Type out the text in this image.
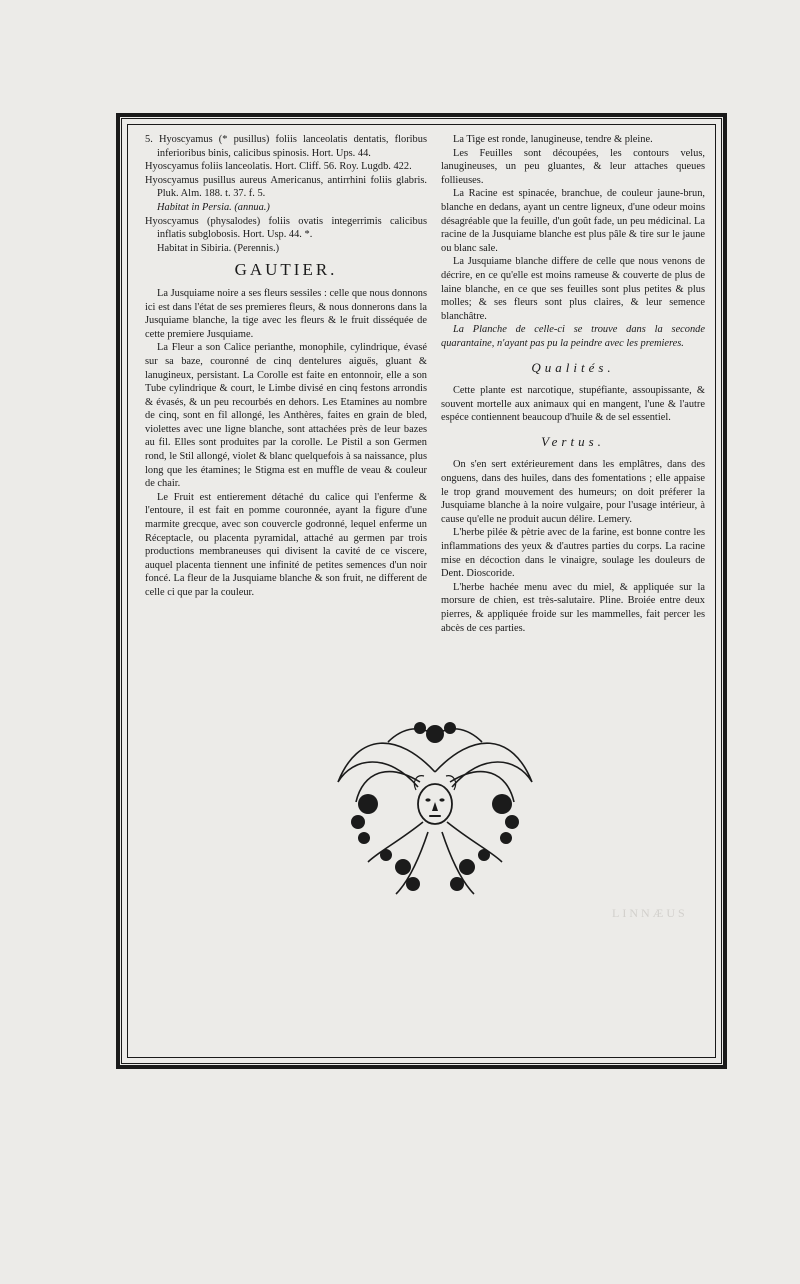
5. Hyoscyamus (* pusillus) foliis lanceolatis dentatis, floribus inferioribus binis, calicibus spinosis. Hort. Ups. 44.

Hyoscyamus foliis lanceolatis. Hort. Cliff. 56. Roy. Lugdb. 422.

Hyoscyamus pusillus aureus Americanus, antirrhini foliis glabris. Pluk. Alm. 188. t. 37. f. 5.

Habitat in Persia. (annua.)

Hyoscyamus (physalodes) foliis ovatis integerrimis calicibus inflatis subglobosis. Hort. Usp. 44. *.

Habitat in Sibiria. (Perennis.)

GAUTIER.

La Jusquiame noire a ses fleurs sessiles : celle que nous donnons ici est dans l'état de ses premieres fleurs, & nous donnerons dans la Jusquiame blanche, la tige avec les fleurs & le fruit disséquée de cette premiere Jusquiame.

La Fleur a son Calice perianthe, monophile, cylindrique, évasé sur sa baze, couronné de cinq dentelures aiguës, gluant & lanugineux, persistant. La Corolle est faite en entonnoir, elle a son Tube cylindrique & court, le Limbe divisé en cinq festons arrondis & évasés, & un peu recourbés en dehors. Les Etamines au nombre de cinq, sont en fil allongé, les Anthères, faites en grain de bled, violettes avec une ligne blanche, sont attachées près de leur bazes au fil. Elles sont produites par la corolle. Le Pistil a son Germen rond, le Stil allongé, violet & blanc quelquefois à sa naissance, plus long que les étamines; le Stigma est en muffle de veau & couleur de chair.

Le Fruit est entierement détaché du calice qui l'enferme & l'entoure, il est fait en pomme couronnée, ayant la figure d'une marmite grecque, avec son couvercle godronné, lequel enferme un Réceptacle, ou placenta pyramidal, attaché au germen par trois productions membraneuses qui divisent la cavité de ce viscere, auquel placenta tiennent une infinité de petites semences d'un noir foncé. La fleur de la Jusquiame blanche & son fruit, ne different de celle ci que par la couleur.

La Tige est ronde, lanugineuse, tendre & pleine.

Les Feuilles sont découpées, les contours velus, lanugineuses, un peu gluantes, & leur attaches queues follieuses.

La Racine est spinacée, branchue, de couleur jaune-brun, blanche en dedans, ayant un centre ligneux, d'une odeur moins désagréable que la feuille, d'un goût fade, un peu médicinal. La racine de la Jusquiame blanche est plus pâle & tire sur le jaune ou blanc sale.

La Jusquiame blanche differe de celle que nous venons de décrire, en ce qu'elle est moins rameuse & couverte de plus de laine blanche, en ce que ses feuilles sont plus petites & plus molles; & ses fleurs sont plus claires, & leur semence blanchâtre.

La Planche de celle-ci se trouve dans la seconde quarantaine, n'ayant pas pu la peindre avec les premieres.

Qualités.

Cette plante est narcotique, stupéfiante, assoupissante, & souvent mortelle aux animaux qui en mangent, l'une & l'autre espéce contiennent beaucoup d'huile & de sel essentiel.

Vertus.

On s'en sert extérieurement dans les emplâtres, dans des onguens, dans des huiles, dans des fomentations ; elle appaise le trop grand mouvement des humeurs; on doit préferer la Jusquiame blanche à la noire vulgaire, pour l'usage intérieur, à cause qu'elle ne produit aucun délire. Lemery.

L'herbe pilée & pètrie avec de la farine, est bonne contre les inflammations des yeux & d'autres parties du corps. La racine mise en décoction dans le vinaigre, soulage les douleurs de Dent. Dioscoride.

L'herbe hachée menu avec du miel, & appliquée sur la morsure de chien, est très-salutaire. Pline. Broiée entre deux pierres, & appliquée froide sur les mammelles, fait percer les abcès de ces parties.

LINNÆUS
